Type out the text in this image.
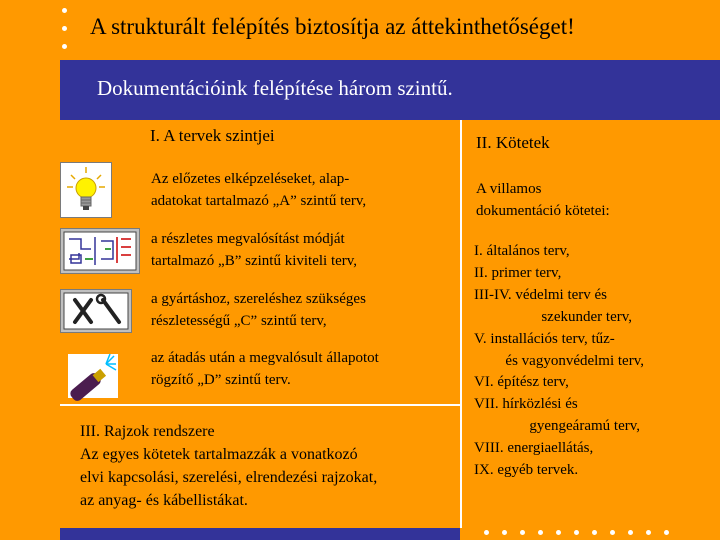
A strukturált felépítés biztosítja az áttekinthetőséget!
Dokumentációink felépítése három szintű.
I. A tervek szintjei
Az előzetes elképzeléseket, alap-
adatokat tartalmazó „A” szintű terv,
a részletes megvalósítást módját
tartalmazó „B” szintű kiviteli terv,
a gyártáshoz, szereléshez szükséges
részletességű „C” szintű terv,
az átadás után a megvalósult állapotot
rögzítő „D” szintű terv.
III. Rajzok rendszere
Az egyes kötetek tartalmazzák a vonatkozó
elvi kapcsolási, szerelési, elrendezési rajzokat,
az anyag- és kábellistákat.
II. Kötetek
A villamos
dokumentáció kötetei:
I. általános terv,
II. primer terv,
III-IV. védelmi terv és
szekunder terv,
V. installációs terv, tűz-
és vagyonvédelmi terv,
VI. építész terv,
VII. hírközlési és
gyengeáramú terv,
VIII. energiaellátás,
IX. egyéb tervek.
